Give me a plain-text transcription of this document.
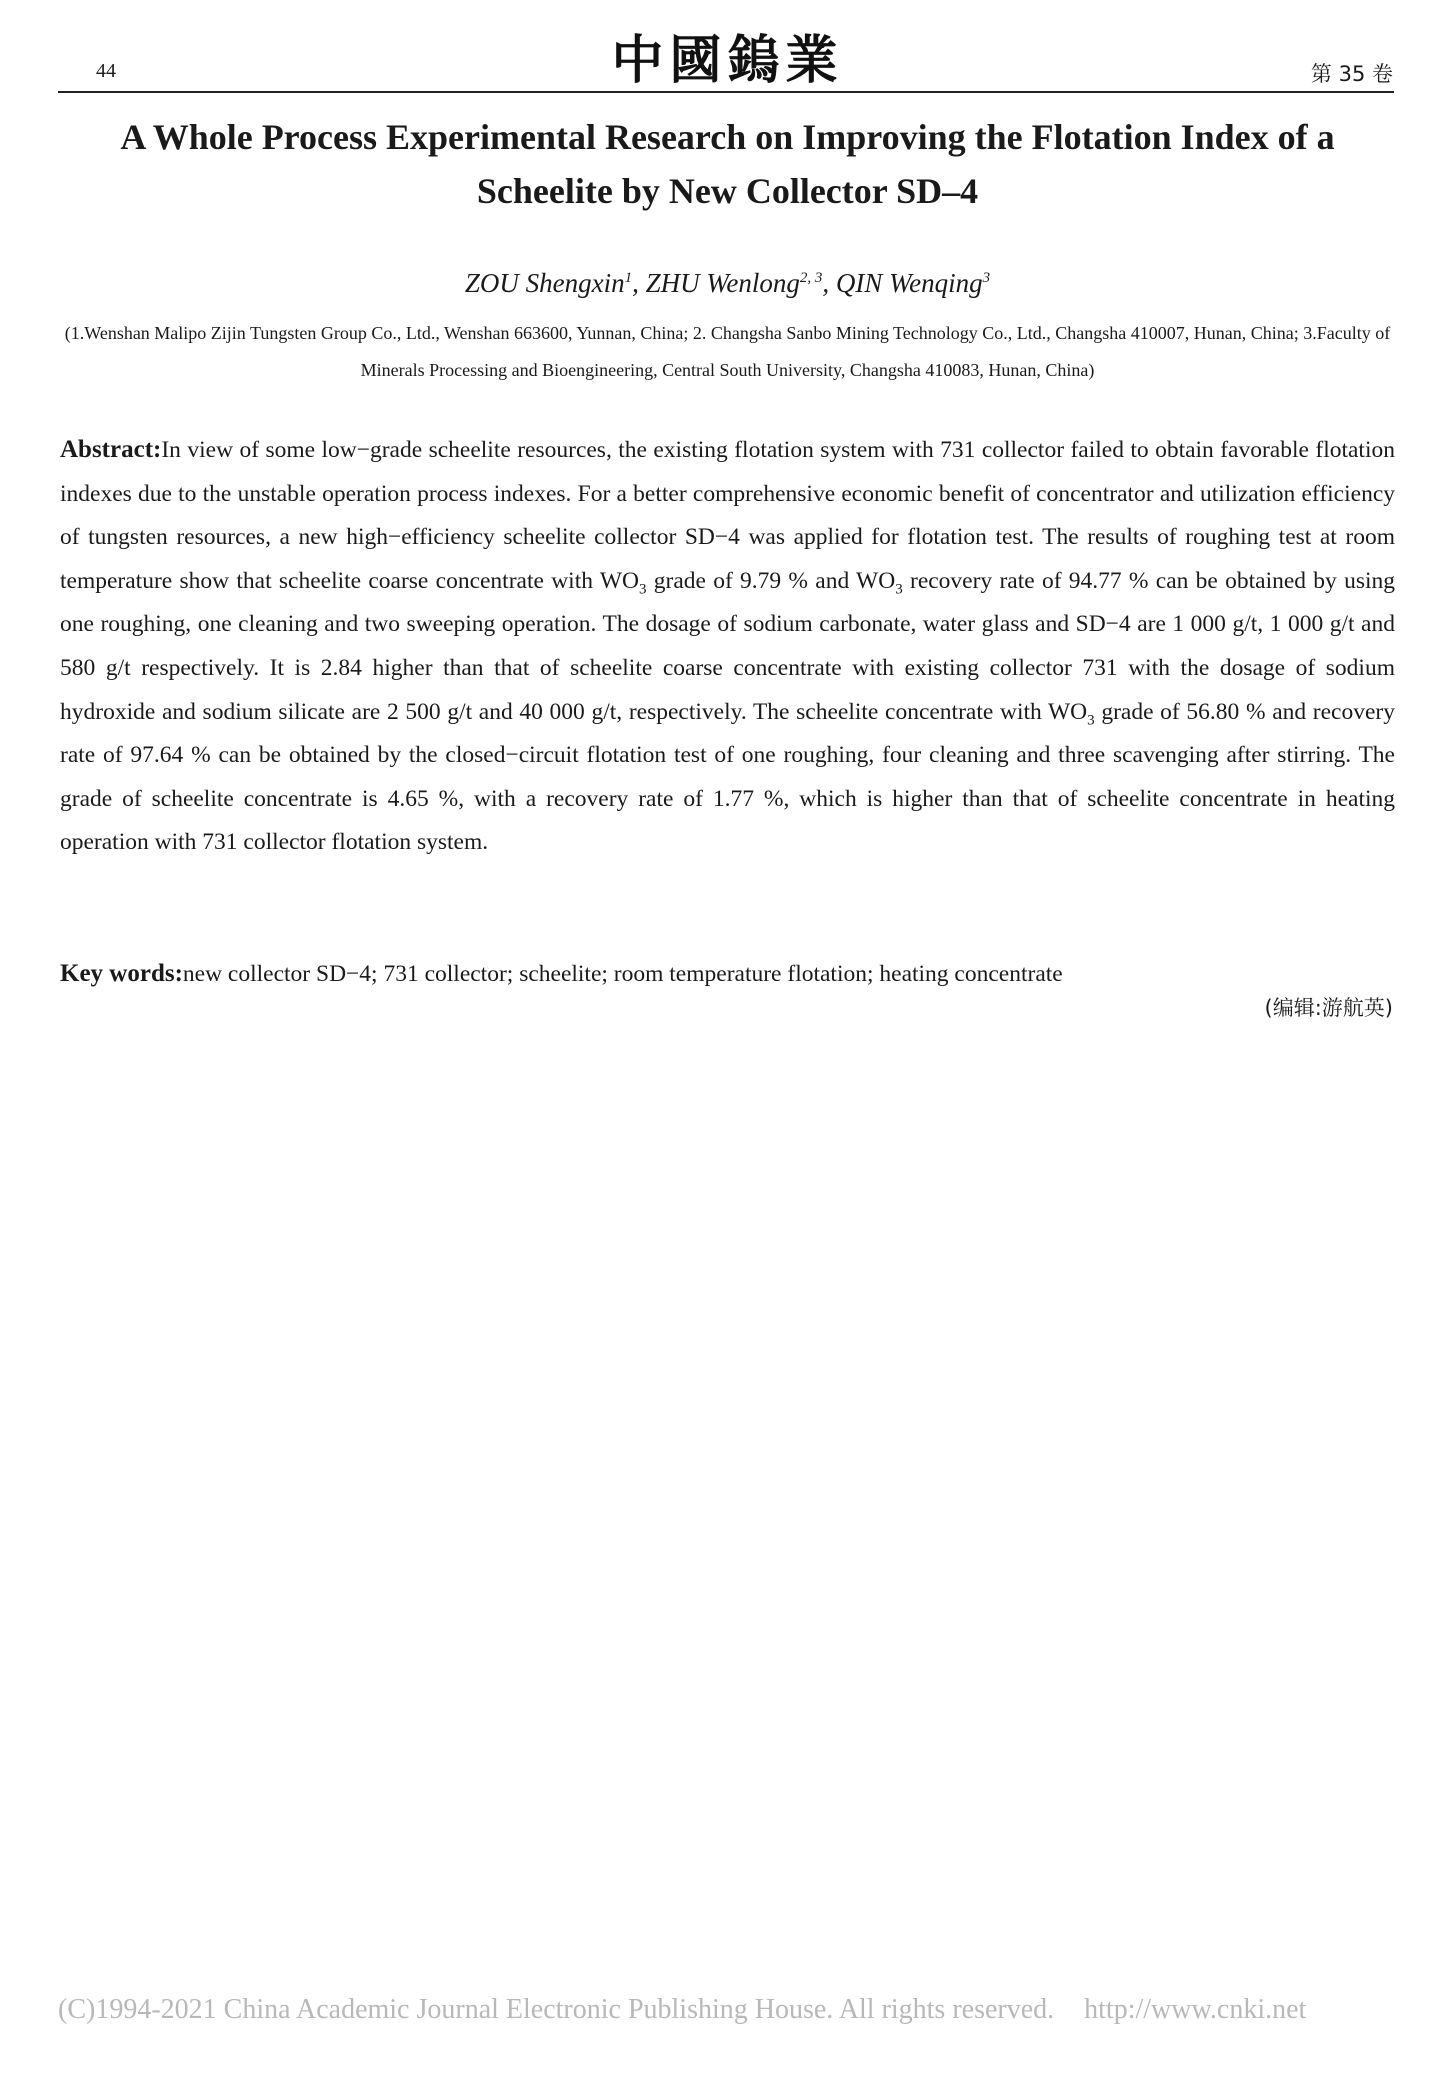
44	中國鎢業	第 35 卷
A Whole Process Experimental Research on Improving the Flotation Index of a Scheelite by New Collector SD–4
ZOU Shengxin$^1$, ZHU Wenlong$^{2, 3}$, QIN Wenqing$^3$
(1.Wenshan Malipo Zijin Tungsten Group Co., Ltd., Wenshan 663600, Yunnan, China; 2. Changsha Sanbo Mining Technology Co., Ltd., Changsha 410007, Hunan, China; 3.Faculty of Minerals Processing and Bioengineering, Central South University, Changsha 410083, Hunan, China)

Abstract:In view of some low−grade scheelite resources, the existing flotation system with 731 collector failed to obtain favorable flotation indexes due to the unstable operation process indexes. For a better comprehensive economic benefit of concentrator and utilization efficiency of tungsten resources, a new high−efficiency scheelite collector SD−4 was applied for flotation test. The results of roughing test at room temperature show that scheelite coarse concentrate with $WO_3$ grade of 9.79 % and $WO_3$ recovery rate of 94.77 % can be obtained by using one roughing, one cleaning and two sweeping operation. The dosage of sodium carbonate, water glass and SD−4 are 1 000 g/t, 1 000 g/t and 580 g/t respectively. It is 2.84 higher than that of scheelite coarse concentrate with existing collector 731 with the dosage of sodium hydroxide and sodium silicate are 2 500 g/t and 40 000 g/t, respectively. The scheelite concentrate with $WO_3$ grade of 56.80 % and recovery rate of 97.64 % can be obtained by the closed−circuit flotation test of one roughing, four cleaning and three scavenging after stirring. The grade of scheelite concentrate is 4.65 %, with a recovery rate of 1.77 %, which is higher than that of scheelite concentrate in heating operation with 731 collector flotation system.

Key words:new collector SD−4; 731 collector; scheelite; room temperature flotation; heating concentrate
(编辑:游航英)
(C)1994-2021 China Academic Journal Electronic Publishing House. All rights reserved. http://www.cnki.net
